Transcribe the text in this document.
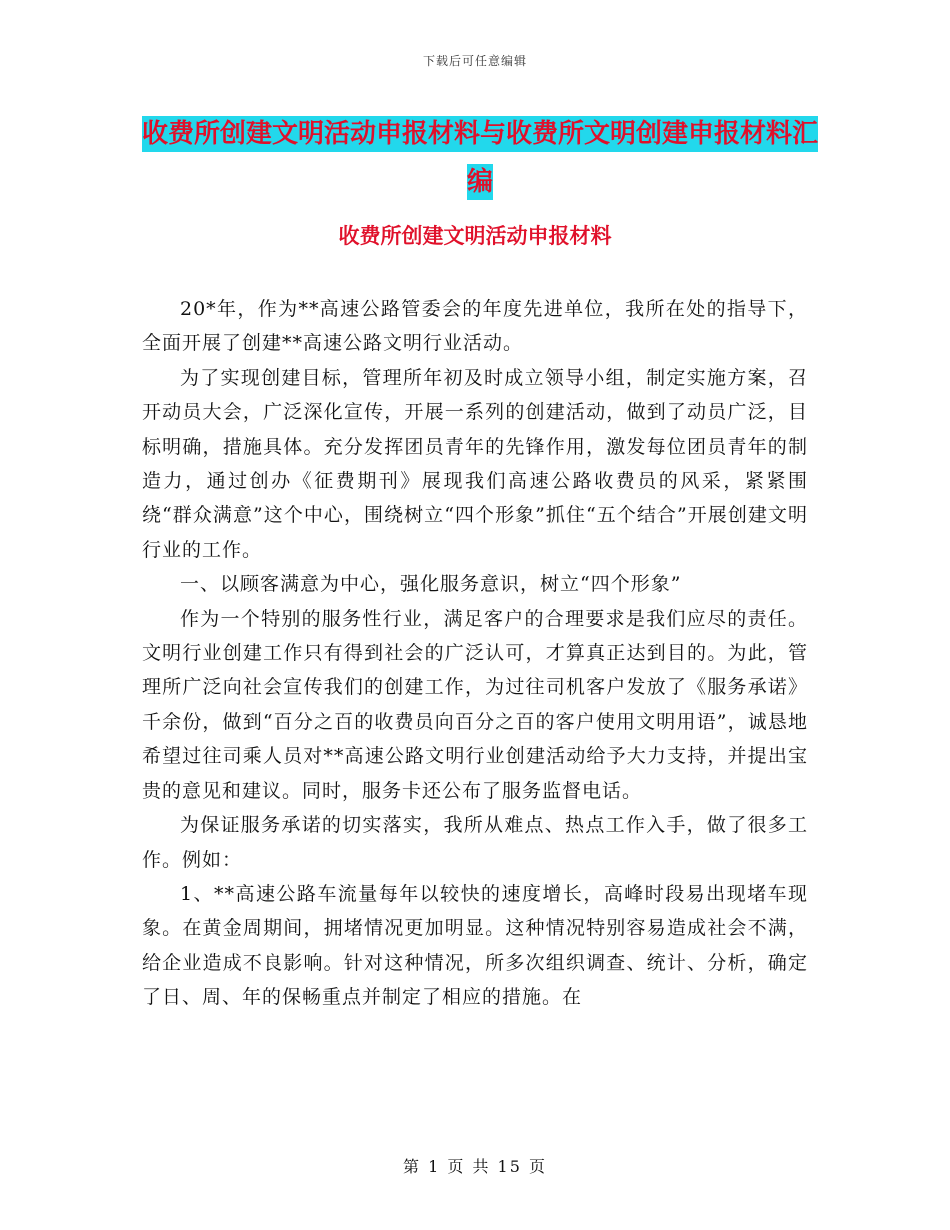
下载后可任意编辑
收费所创建文明活动申报材料与收费所文明创建申报材料汇编
收费所创建文明活动申报材料

20*年，作为**高速公路管委会的年度先进单位，我所在处的指导下，全面开展了创建**高速公路文明行业活动。

为了实现创建目标，管理所年初及时成立领导小组，制定实施方案，召开动员大会，广泛深化宣传，开展一系列的创建活动，做到了动员广泛，目标明确，措施具体。充分发挥团员青年的先锋作用，激发每位团员青年的制造力，通过创办《征费期刊》展现我们高速公路收费员的风采，紧紧围绕“群众满意”这个中心，围绕树立“四个形象”抓住“五个结合”开展创建文明行业的工作。

一、以顾客满意为中心，强化服务意识，树立“四个形象”

作为一个特别的服务性行业，满足客户的合理要求是我们应尽的责任。文明行业创建工作只有得到社会的广泛认可，才算真正达到目的。为此，管理所广泛向社会宣传我们的创建工作，为过往司机客户发放了《服务承诺》千余份，做到“百分之百的收费员向百分之百的客户使用文明用语”，诚恳地希望过往司乘人员对**高速公路文明行业创建活动给予大力支持，并提出宝贵的意见和建议。同时，服务卡还公布了服务监督电话。

为保证服务承诺的切实落实，我所从难点、热点工作入手，做了很多工作。例如：

1、**高速公路车流量每年以较快的速度增长，高峰时段易出现堵车现象。在黄金周期间，拥堵情况更加明显。这种情况特别容易造成社会不满，给企业造成不良影响。针对这种情况，所多次组织调查、统计、分析，确定了日、周、年的保畅重点并制定了相应的措施。在

第 1 页 共 15 页
